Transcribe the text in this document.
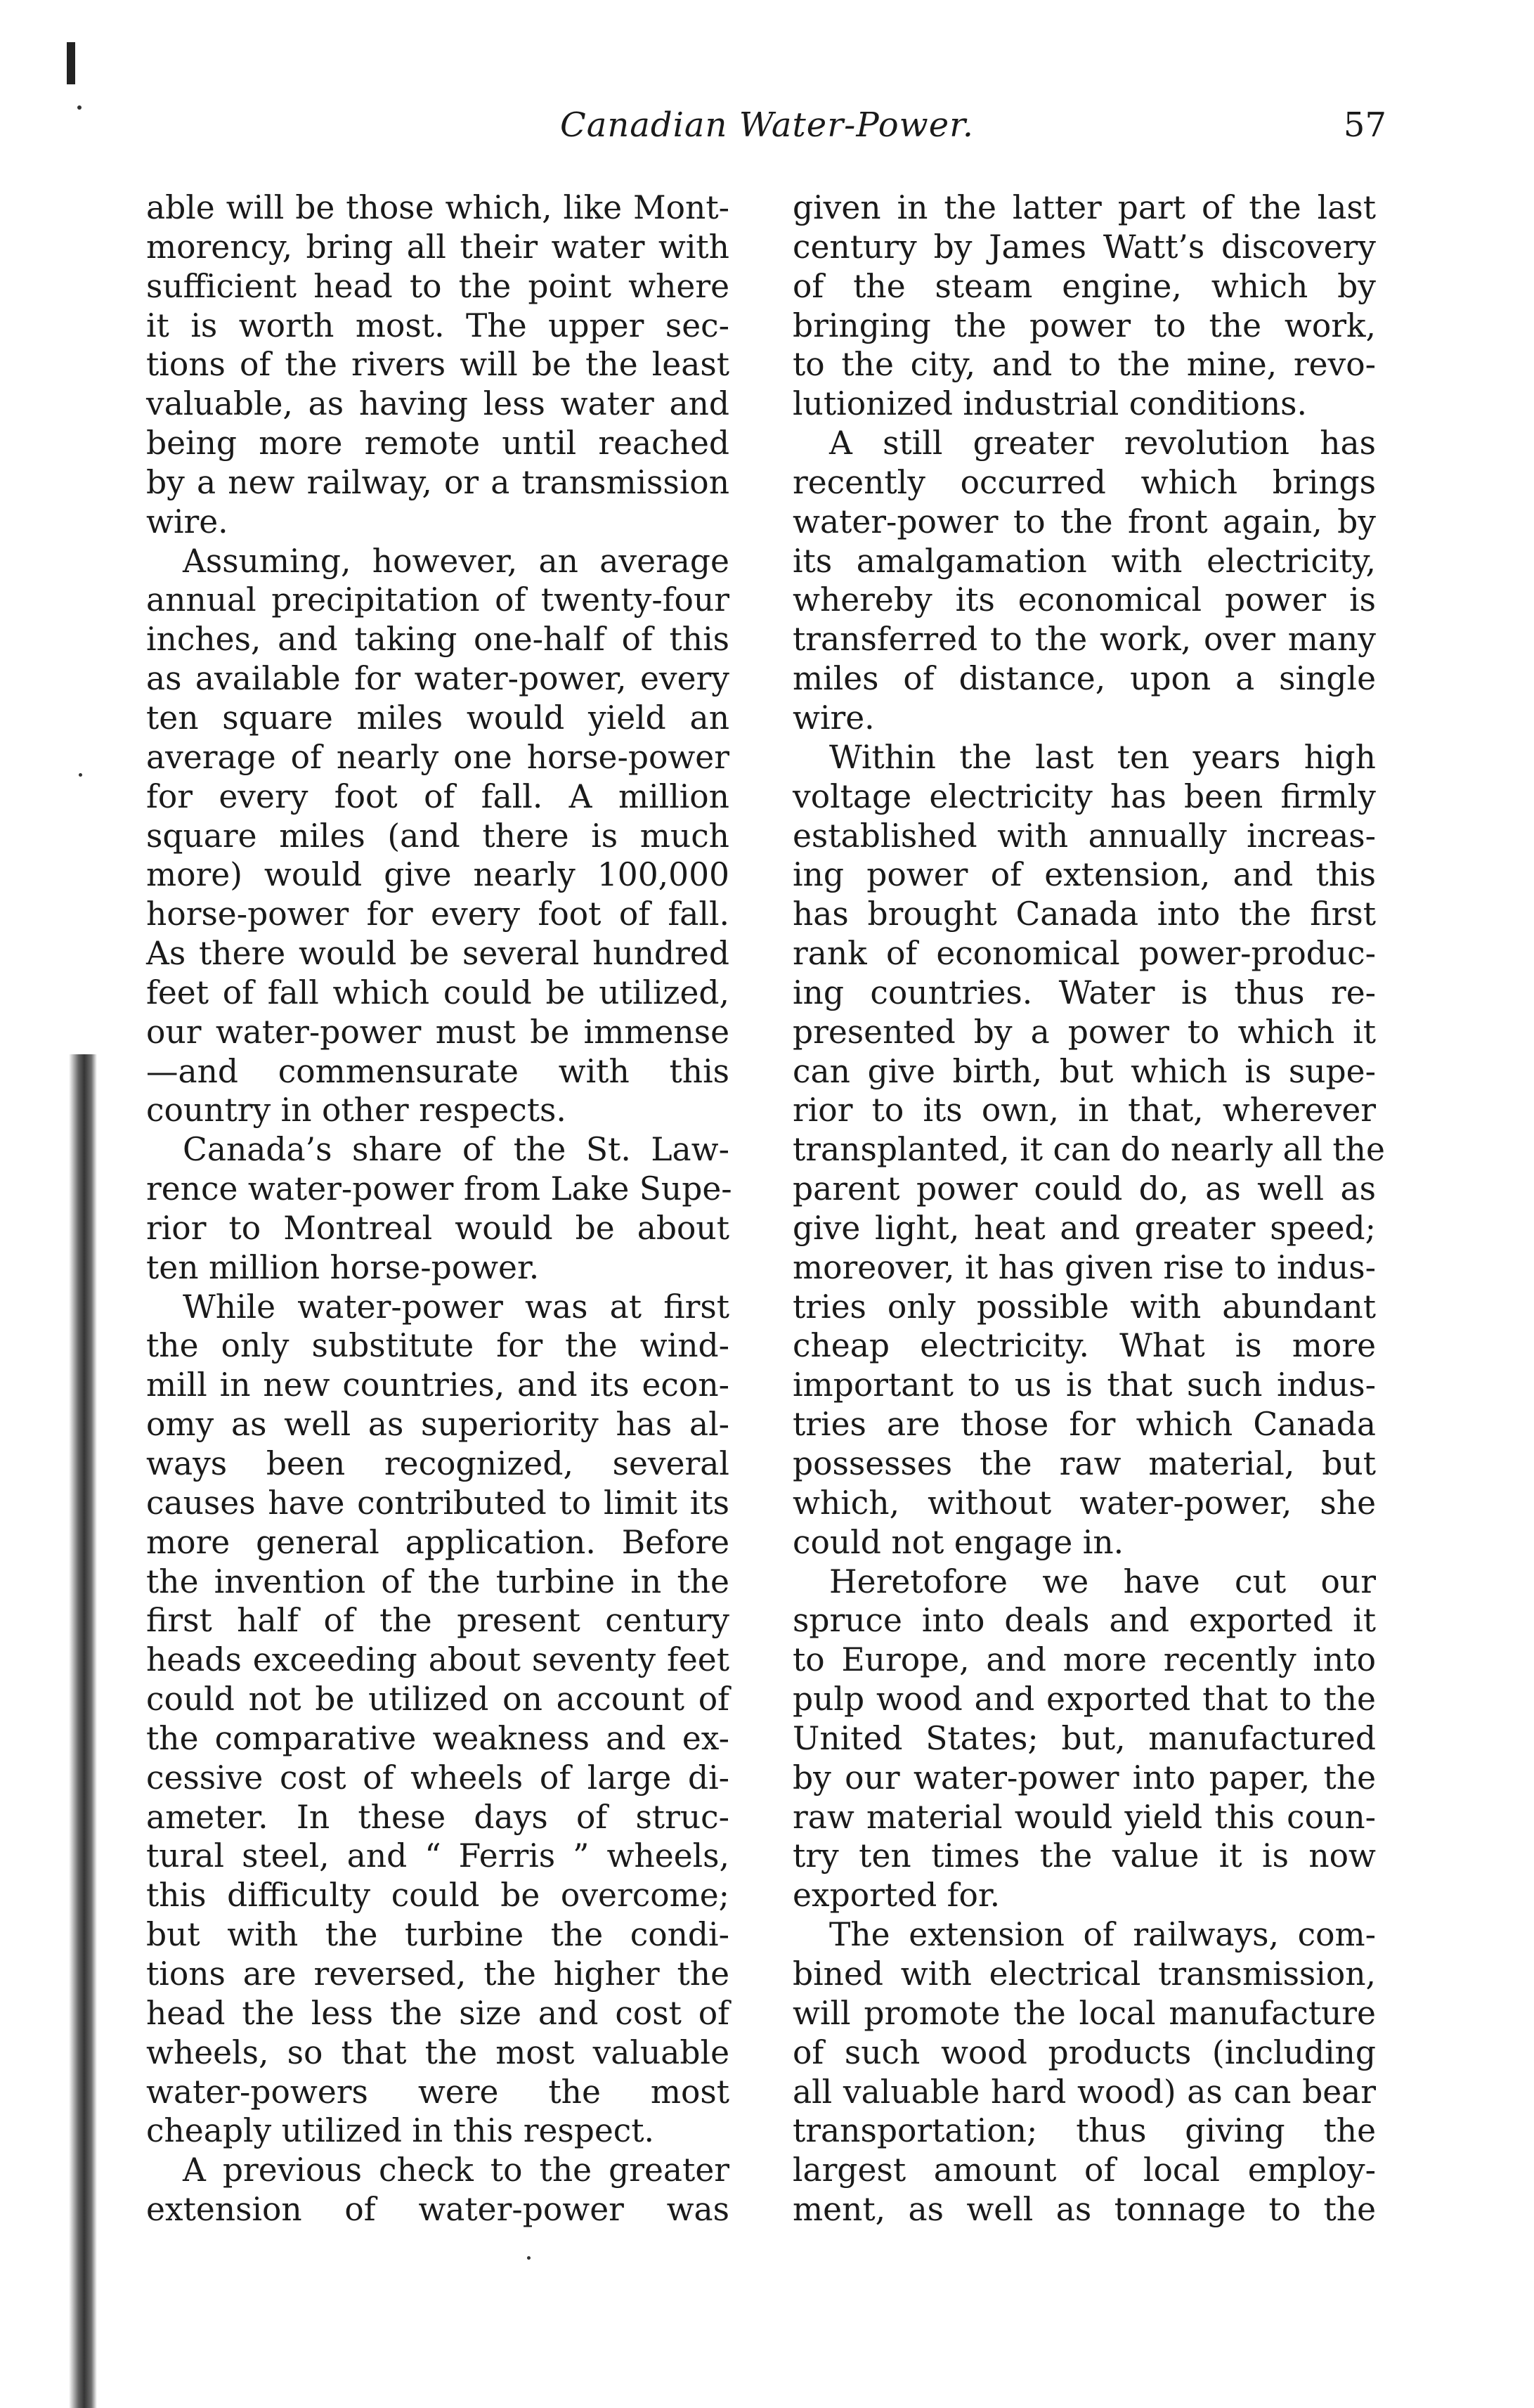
Canadian Water-Power.	57
able will be those which, like Mont-
morency, bring all their water with
sufficient head to the point where
it is worth most. The upper sec-
tions of the rivers will be the least
valuable, as having less water and
being more remote until reached
by a new railway, or a transmission
wire.
Assuming, however, an average
annual precipitation of twenty-four
inches, and taking one-half of this
as available for water-power, every
ten square miles would yield an
average of nearly one horse-power
for every foot of fall. A million
square miles (and there is much
more) would give nearly 100,000
horse-power for every foot of fall.
As there would be several hundred
feet of fall which could be utilized,
our water-power must be immense
—and commensurate with this
country in other respects.
Canada’s share of the St. Law-
rence water-power from Lake Supe-
rior to Montreal would be about
ten million horse-power.
While water-power was at first
the only substitute for the wind-
mill in new countries, and its econ-
omy as well as superiority has al-
ways been recognized, several
causes have contributed to limit its
more general application. Before
the invention of the turbine in the
first half of the present century
heads exceeding about seventy feet
could not be utilized on account of
the comparative weakness and ex-
cessive cost of wheels of large di-
ameter. In these days of struc-
tural steel, and “ Ferris ” wheels,
this difficulty could be overcome;
but with the turbine the condi-
tions are reversed, the higher the
head the less the size and cost of
wheels, so that the most valuable
water-powers were the most
cheaply utilized in this respect.
A previous check to the greater
extension of water-power was
given in the latter part of the last
century by James Watt’s discovery
of the steam engine, which by
bringing the power to the work,
to the city, and to the mine, revo-
lutionized industrial conditions.
A still greater revolution has
recently occurred which brings
water-power to the front again, by
its amalgamation with electricity,
whereby its economical power is
transferred to the work, over many
miles of distance, upon a single
wire.
Within the last ten years high
voltage electricity has been firmly
established with annually increas-
ing power of extension, and this
has brought Canada into the first
rank of economical power-produc-
ing countries. Water is thus re-
presented by a power to which it
can give birth, but which is supe-
rior to its own, in that, wherever
transplanted, it can do nearly all the
parent power could do, as well as
give light, heat and greater speed;
moreover, it has given rise to indus-
tries only possible with abundant
cheap electricity. What is more
important to us is that such indus-
tries are those for which Canada
possesses the raw material, but
which, without water-power, she
could not engage in.
Heretofore we have cut our
spruce into deals and exported it
to Europe, and more recently into
pulp wood and exported that to the
United States; but, manufactured
by our water-power into paper, the
raw material would yield this coun-
try ten times the value it is now
exported for.
The extension of railways, com-
bined with electrical transmission,
will promote the local manufacture
of such wood products (including
all valuable hard wood) as can bear
transportation; thus giving the
largest amount of local employ-
ment, as well as tonnage to the
